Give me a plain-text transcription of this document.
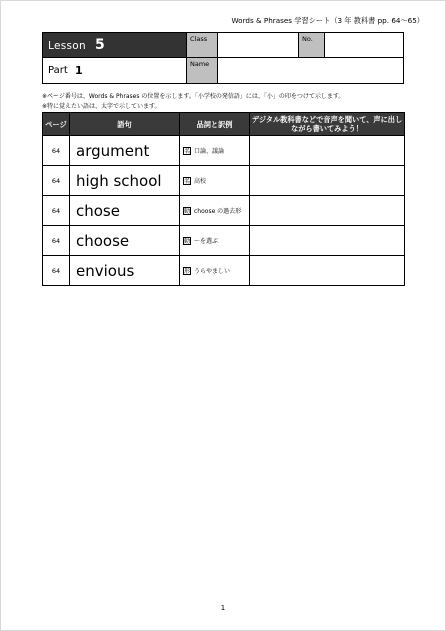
Words & Phrases 学習シート（3 年 教科書 pp. 64～65）
Lesson 5
Part 1
Class	No.
Name
※ページ番号は、Words & Phrases の位置を示します。「小学校の発信語」には、「小」の印をつけて示します。
※特に覚えたい語は、太字で示しています。
ページ	語句	品詞と訳例	デジタル教科書などで音声を聞いて、声に出しながら書いてみよう！
64	argument	名 口論、議論	

64	high school	名 高校	

64	chose	動 choose の過去形	

64	choose	動 ～を選ぶ	

64	envious	形 うらやましい	

1
